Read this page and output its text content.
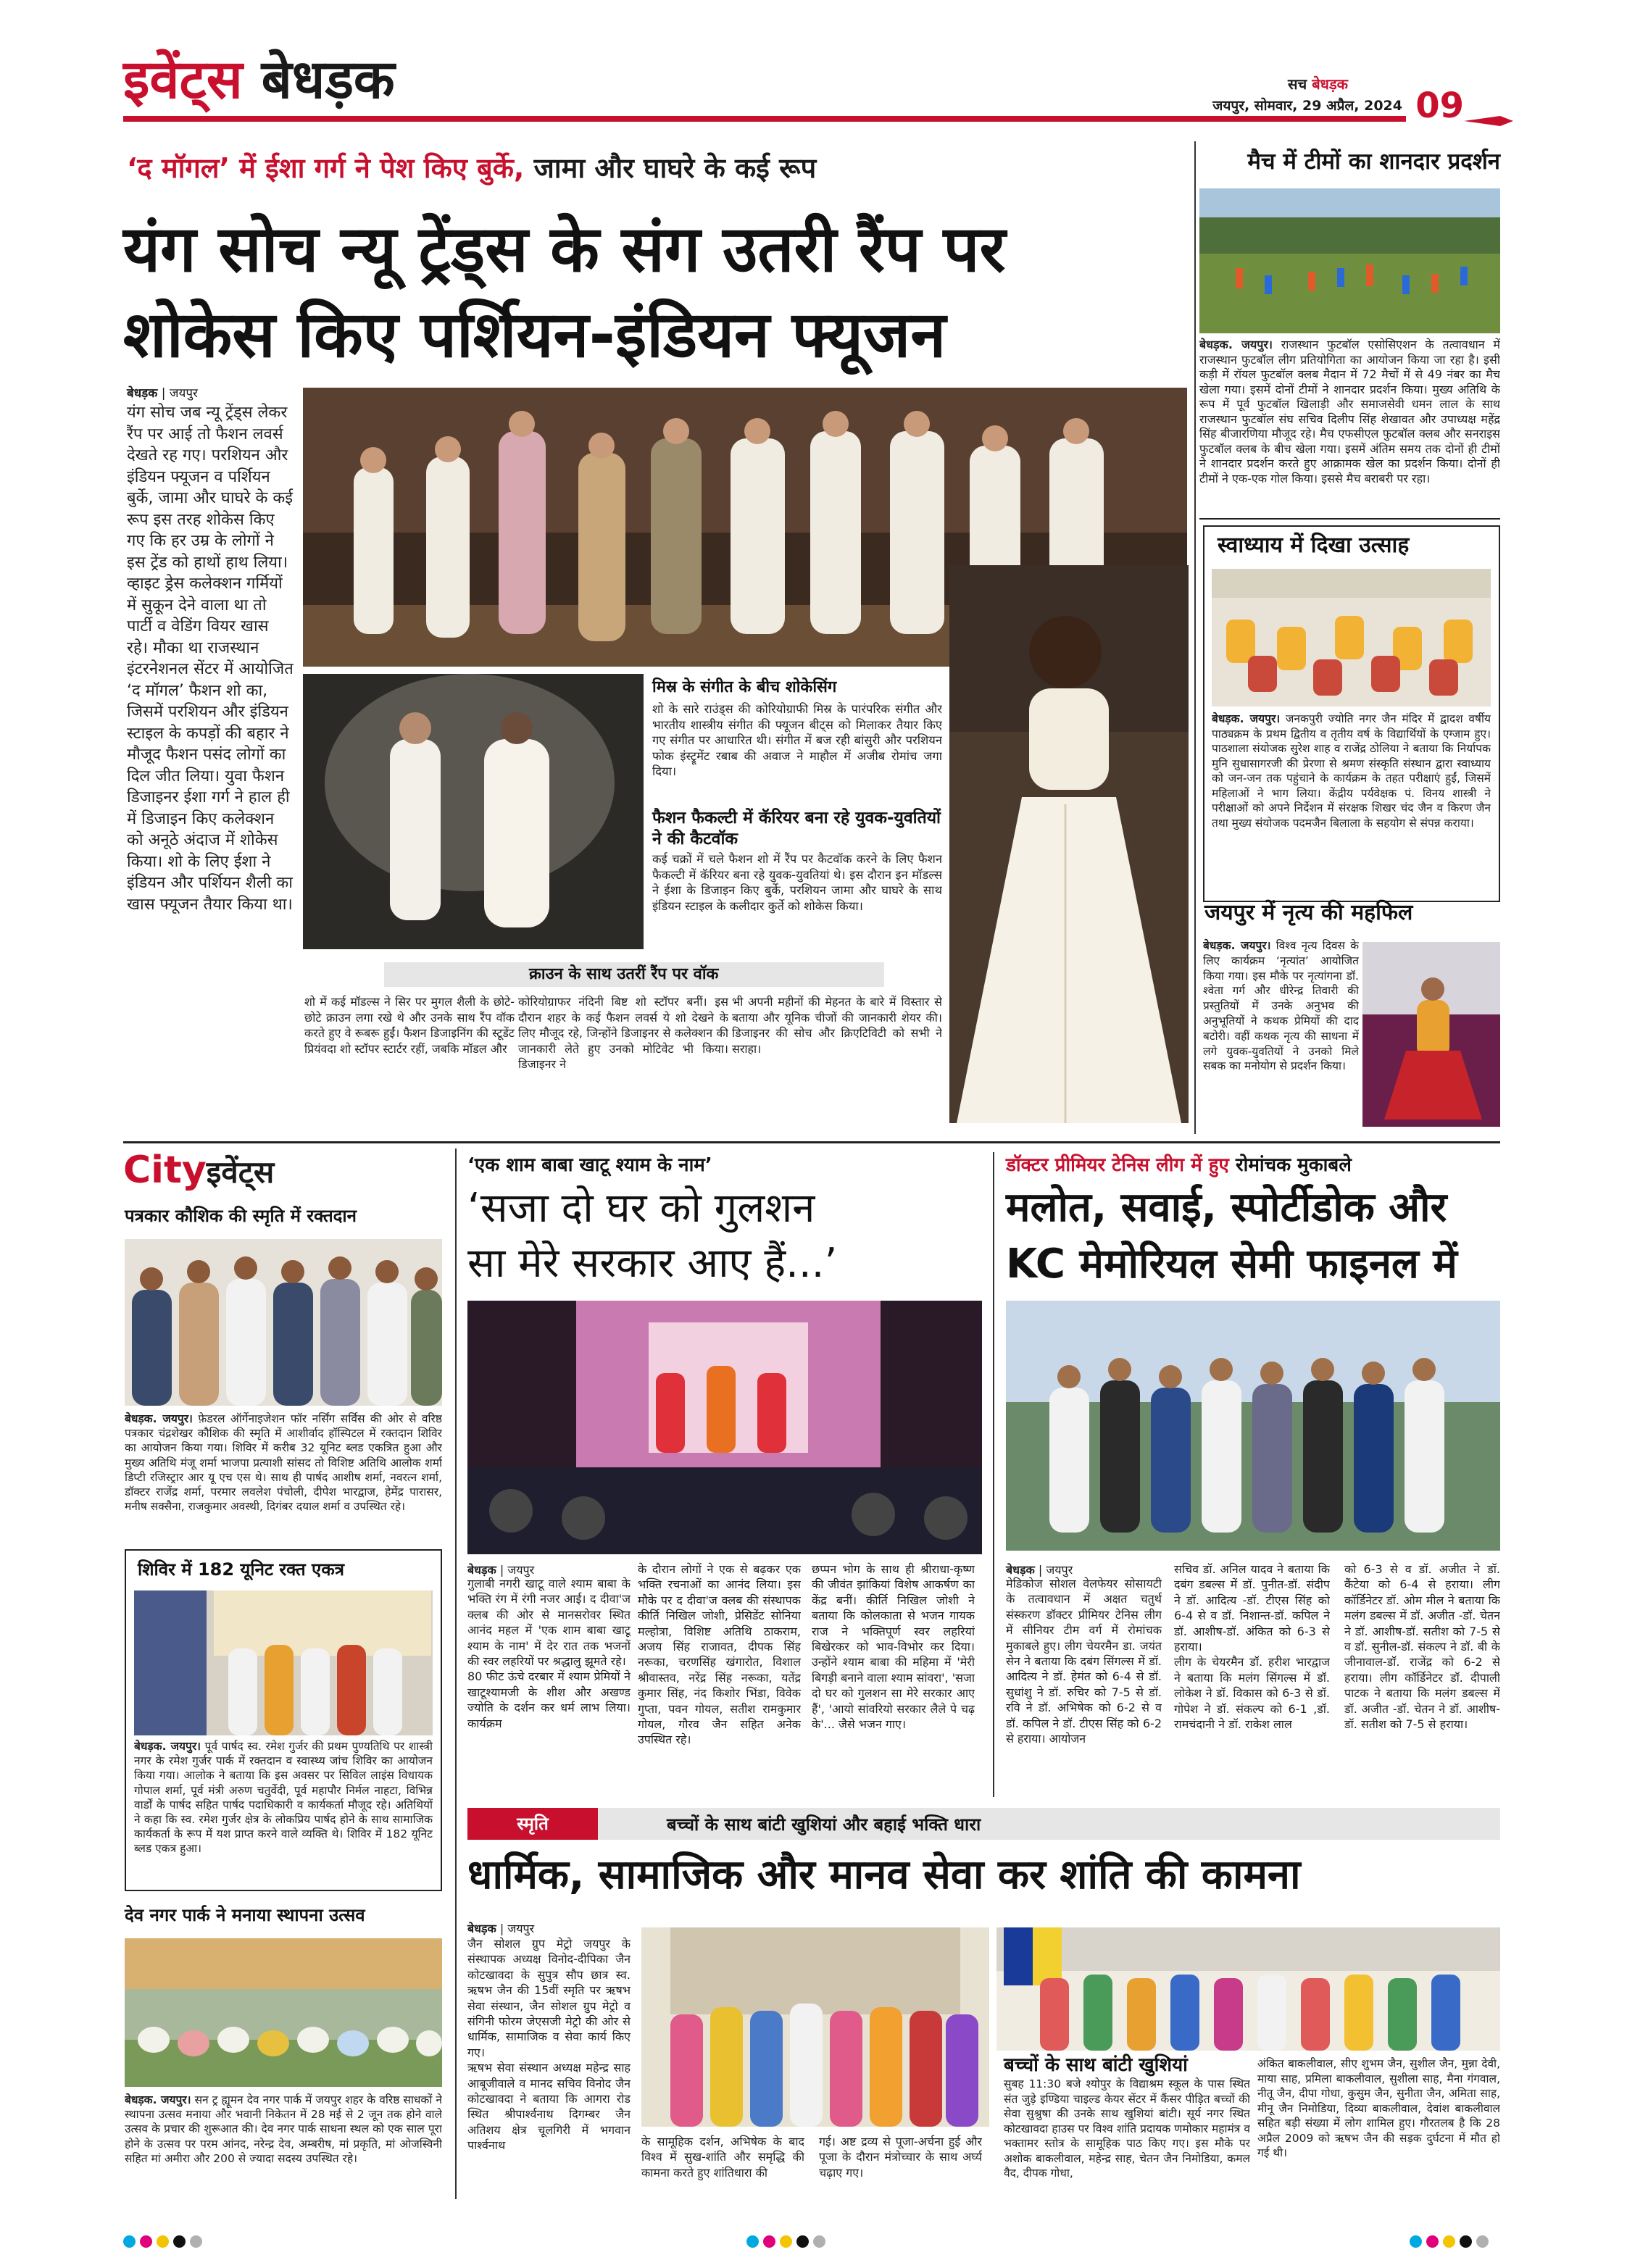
इवेंट्स बेधड़क	सच बेधड़क
जयपुर, सोमवार, 29 अप्रैल, 2024 09
‘द मॉगल’ में ईशा गर्ग ने पेश किए बुर्के, जामा और घाघरे के कई रूप
यंग सोच न्यू ट्रेंड्स के संग उतरी रैंप पर
शोकेस किए पर्शियन-इंडियन फ्यूजन
बेधड़क | जयपुर
यंग सोच जब न्यू ट्रेंड्स लेकर रैंप पर आई तो फैशन लवर्स देखते रह गए। परशियन और इंडियन फ्यूजन व पर्शियन बुर्के, जामा और घाघरे के कई रूप इस तरह शोकेस किए गए कि हर उम्र के लोगों ने इस ट्रेंड को हाथों हाथ लिया। व्हाइट ड्रेस कलेक्शन गर्मियों में सुकून देने वाला था तो पार्टी व वेडिंग वियर खास रहे। मौका था राजस्थान इंटरनेशनल सेंटर में आयोजित ‘द मॉगल’ फैशन शो का, जिसमें परशियन और इंडियन स्टाइल के कपड़ों की बहार ने मौजूद फैशन पसंद लोगों का दिल जीत लिया। युवा फैशन डिजाइनर ईशा गर्ग ने हाल ही में डिजाइन किए कलेक्शन को अनूठे अंदाज में शोकेस किया। शो के लिए ईशा ने इंडियन और पर्शियन शैली का खास फ्यूजन तैयार किया था।
मिस्र के संगीत के बीच शोकेसिंग
शो के सारे राउंड्स की कोरियोग्राफी मिस्र के पारंपरिक संगीत और भारतीय शास्त्रीय संगीत की फ्यूजन बीट्स को मिलाकर तैयार किए गए संगीत पर आधारित थी। संगीत में बज रही बांसुरी और परशियन फोक इंस्ट्रूमेंट रबाब की अवाज ने माहौल में अजीब रोमांच जगा दिया।
फैशन फैकल्टी में कॅरियर बना रहे युवक-युवतियों ने की कैटवॉक
कई चक्रों में चले फैशन शो में रैंप पर कैटवॉक करने के लिए फैशन फैकल्टी में कॅरियर बना रहे युवक-युवतियां थे। इस दौरान इन मॉडल्स ने ईशा के डिजाइन किए बुर्के, परशियन जामा और घाघरे के साथ इंडियन स्टाइल के कलीदार कुर्ते को शोकेस किया।
क्राउन के साथ उतरीं रैंप पर वॉक
शो में कई मॉडल्स ने सिर पर मुगल शैली के छोटे-छोटे क्राउन लगा रखे थे और उनके साथ रैंप वॉक करते हुए वे रूबरू हुईं। फैशन डिजाइनिंग की स्टूडेंट प्रियंवदा शो स्टॉपर स्टार्टर रहीं, जबकि मॉडल और
कोरियोग्राफर नंदिनी बिष्ट शो स्टॉपर बनीं। इस दौरान शहर के कई फैशन लवर्स ये शो देखने के लिए मौजूद रहे, जिन्होंने डिजाइनर से कलेक्शन की जानकारी लेते हुए उनको मोटिवेट भी किया। डिजाइनर ने
भी अपनी महीनों की मेहनत के बारे में विस्तार से बताया और यूनिक चीजों की जानकारी शेयर की। डिजाइनर की सोच और क्रिएटिविटी को सभी ने सराहा।
मैच में टीमों का शानदार प्रदर्शन
बेधड़क. जयपुर। राजस्थान फुटबॉल एसोसिएशन के तत्वावधान में राजस्थान फुटबॉल लीग प्रतियोगिता का आयोजन किया जा रहा है। इसी कड़ी में रॉयल फुटबॉल क्लब मैदान में 72 मैचों में से 49 नंबर का मैच खेला गया। इसमें दोनों टीमों ने शानदार प्रदर्शन किया। मुख्य अतिथि के रूप में पूर्व फुटबॉल खिलाड़ी और समाजसेवी धमन लाल के साथ राजस्थान फुटबॉल संघ सचिव दिलीप सिंह शेखावत और उपाध्यक्ष महेंद्र सिंह बीजारणिया मौजूद रहे। मैच एफसीएल फुटबॉल क्लब और सनराइस फुटबॉल क्लब के बीच खेला गया। इसमें अंतिम समय तक दोनों ही टीमों ने शानदार प्रदर्शन करते हुए आक्रामक खेल का प्रदर्शन किया। दोनों ही टीमों ने एक-एक गोल किया। इससे मैच बराबरी पर रहा।
स्वाध्याय में दिखा उत्साह
बेधड़क. जयपुर। जनकपुरी ज्योति नगर जैन मंदिर में द्वादश वर्षीय पाठ्यक्रम के प्रथम द्वितीय व तृतीय वर्ष के विद्यार्थियों के एग्जाम हुए। पाठशाला संयोजक सुरेश शाह व राजेंद्र ठोलिया ने बताया कि निर्यापक मुनि सुधासागरजी की प्रेरणा से श्रमण संस्कृति संस्थान द्वारा स्वाध्याय को जन-जन तक पहुंचाने के कार्यक्रम के तहत परीक्षाएं हुईं, जिसमें महिलाओं ने भाग लिया। केंद्रीय पर्यवेक्षक पं. विनय शास्त्री ने परीक्षाओं को अपने निर्देशन में संरक्षक शिखर चंद जैन व किरण जैन तथा मुख्य संयोजक पदमजैन बिलाला के सहयोग से संपन्न कराया।
जयपुर में नृत्य की महफिल
बेधड़क. जयपुर। विश्व नृत्य दिवस के लिए कार्यक्रम ‘नृत्यांत’ आयोजित किया गया। इस मौके पर नृत्यांगना डॉ. श्वेता गर्ग और धीरेन्द्र तिवारी की प्रस्तुतियों में उनके अनुभव की अनुभूतियों ने कथक प्रेमियों की दाद बटोरी। वहीं कथक नृत्य की साधना में लगे युवक-युवतियों ने उनको मिले सबक का मनोयोग से प्रदर्शन किया।
Cityइवेंट्स
पत्रकार कौशिक की स्मृति में रक्तदान
बेधड़क. जयपुर। फ़ेडरल ऑर्गेनाइजेशन फॉर नर्सिंग सर्विस की ओर से वरिष्ठ पत्रकार चंद्रशेखर कौशिक की स्मृति में आशीर्वाद हॉस्पिटल में रक्तदान शिविर का आयोजन किया गया। शिविर में करीब 32 यूनिट ब्लड एकत्रित हुआ और मुख्य अतिथि मंजू शर्मा भाजपा प्रत्याशी सांसद तो विशिष्ट अतिथि आलोक शर्मा डिप्टी रजिस्ट्रार आर यू एच एस थे। साथ ही पार्षद आशीष शर्मा, नवरत्न शर्मा, डॉक्टर राजेंद्र शर्मा, परमार लवलेश पंचोली, दीपेश भारद्वाज, हेमेंद्र पारासर, मनीष सक्सैना, राजकुमार अवस्थी, दिगंबर दयाल शर्मा व उपस्थित रहे।
शिविर में 182 यूनिट रक्त एकत्र
बेधड़क. जयपुर। पूर्व पार्षद स्व. रमेश गुर्जर की प्रथम पुण्यतिथि पर शास्त्री नगर के रमेश गुर्जर पार्क में रक्तदान व स्वास्थ्य जांच शिविर का आयोजन किया गया। आलोक ने बताया कि इस अवसर पर सिविल लाइंस विधायक गोपाल शर्मा, पूर्व मंत्री अरुण चतुर्वेदी, पूर्व महापौर निर्मल नाहटा, विभिन्न वार्डों के पार्षद सहित पार्षद पदाधिकारी व कार्यकर्ता मौजूद रहे। अतिथियों ने कहा कि स्व. रमेश गुर्जर क्षेत्र के लोकप्रिय पार्षद होने के साथ सामाजिक कार्यकर्ता के रूप में यश प्राप्त करने वाले व्यक्ति थे। शिविर में 182 यूनिट ब्लड एकत्र हुआ।
देव नगर पार्क ने मनाया स्थापना उत्सव
बेधड़क. जयपुर। सन ट्र ह्यूमन देव नगर पार्क में जयपुर शहर के वरिष्ठ साधकों ने स्थापना उत्सव मनाया और भवानी निकेतन में 28 मई से 2 जून तक होने वाले उत्सव के प्रचार की शुरूआत की। देव नगर पार्क साधना स्थल को एक साल पूरा होने के उत्सव पर परम आंनद, नरेन्द्र देव, अम्बरीष, मां प्रकृति, मां ओजस्विनी सहित मां अमीरा और 200 से ज्यादा सदस्य उपस्थित रहे।
‘एक शाम बाबा खाटू श्याम के नाम’
‘सजा दो घर को गुलशन
सा मेरे सरकार आए हैं...’
बेधड़क | जयपुर
गुलाबी नगरी खाटू वाले श्याम बाबा के भक्ति रंग में रंगी नजर आई। द दीवा'ज क्लब की ओर से मानसरोवर स्थित आनंद महल में 'एक शाम बाबा खाटू श्याम के नाम' में देर रात तक भजनों की स्वर लहरियों पर श्रद्धालु झूमते रहे।
80 फीट ऊंचे दरबार में श्याम प्रेमियों ने खाटूश्यामजी के शीश और अखण्ड ज्योति के दर्शन कर धर्म लाभ लिया। कार्यक्रम
के दौरान लोगों ने एक से बढ़कर एक भक्ति रचनाओं का आनंद लिया। इस मौके पर द दीवा'ज क्लब की संस्थापक कीर्ति निखिल जोशी, प्रेसिडेंट सोनिया मल्होत्रा, विशिष्ट अतिथि ठाकराम, अजय सिंह राजावत, दीपक सिंह नरूका, चरणसिंह खंगारोत, विशाल श्रीवास्तव, नरेंद्र सिंह नरूका, यतेंद्र कुमार सिंह, नंद किशोर भिंडा, विवेक गुप्ता, पवन गोयल, सतीश रामकुमार गोयल, गौरव जैन सहित अनेक उपस्थित रहे।
छप्पन भोग के साथ ही श्रीराधा-कृष्ण की जीवंत झांकियां विशेष आकर्षण का केंद्र बनीं। कीर्ति निखिल जोशी ने बताया कि कोलकाता से भजन गायक राज ने भक्तिपूर्ण स्वर लहरियां बिखेरकर को भाव-विभोर कर दिया। उन्होंने श्याम बाबा की महिमा में 'मेरी बिगड़ी बनाने वाला श्याम सांवरा', 'सजा दो घर को गुलशन सा मेरे सरकार आए हैं', 'आयो सांवरियो सरकार लैले पे चढ़ के'... जैसे भजन गाए।
डॉक्टर प्रीमियर टेनिस लीग में हुए रोमांचक मुकाबले
मलोत, सवाई, स्पोर्टीडोक और
KC मेमोरियल सेमी फाइनल में
बेधड़क | जयपुर
मेडिकोज सोशल वेलफेयर सोसायटी के तत्वावधान में अक्षत चतुर्थ संस्करण डॉक्टर प्रीमियर टेनिस लीग में सीनियर टीम वर्ग में रोमांचक मुकाबले हुए। लीग चेयरमैन डा. जयंत सेन ने बताया कि दबंग सिंगल्स में डॉ. आदित्य ने डॉ. हेमंत को 6-4 से डॉ. सुधांशु ने डॉ. रुचिर को 7-5 से डॉ. रवि ने डॉ. अभिषेक को 6-2 से व डॉ. कपिल ने डॉ. टीएस सिंह को 6-2 से हराया। आयोजन
सचिव डॉ. अनिल यादव ने बताया कि दबंग डबल्स में डॉ. पुनीत-डॉ. संदीप ने डॉ. आदित्य -डॉ. टीएस सिंह को 6-4 से व डॉ. निशान्त-डॉ. कपिल ने डॉ. आशीष-डॉ. अंकित को 6-3 से हराया।
लीग के चेयरमैन डॉ. हरीश भारद्वाज ने बताया कि मलंग सिंगल्स में डॉ. लोकेश ने डॉ. विकास को 6-3 से डॉ. गोपेश ने डॉ. संकल्प को 6-1 ,डॉ. रामचंदानी ने डॉ. राकेश लाल
को 6-3 से व डॉ. अजीत ने डॉ. कैंटेया को 6-4 से हराया। लीग कॉर्डिनेटर डॉ. ओम मील ने बताया कि मलंग डबल्स में डॉ. अजीत -डॉ. चेतन ने डॉ. आशीष-डॉ. सतीश को 7-5 से व डॉ. सुनील-डॉ. संकल्प ने डॉ. बी के जीनावाल-डॉ. राजेंद्र को 6-2 से हराया। लीग कॉर्डिनेटर डॉ. दीपाली पाटक ने बताया कि मलंग डबल्स में डॉ. अजीत -डॉ. चेतन ने डॉ. आशीष-डॉ. सतीश को 7-5 से हराया।
स्मृति	बच्चों के साथ बांटी खुशियां और बहाई भक्ति धारा
धार्मिक, सामाजिक और मानव सेवा कर शांति की कामना
बेधड़क | जयपुर
जैन सोशल ग्रुप मेट्रो जयपुर के संस्थापक अध्यक्ष विनोद-दीपिका जैन कोटखावदा के सुपुत्र सौप छात्र स्व. ऋषभ जैन की 15वीं स्मृति पर ऋषभ सेवा संस्थान, जैन सोशल ग्रुप मेट्रो व संगिनी फोरम जेएसजी मेट्रो की ओर से धार्मिक, सामाजिक व सेवा कार्य किए गए।
ऋषभ सेवा संस्थान अध्यक्ष महेन्द्र साह आबूजीवाले व मानद सचिव विनोद जैन कोटखावदा ने बताया कि आगरा रोड स्थित श्रीपार्श्वनाथ दिगम्बर जैन अतिशय क्षेत्र चूलगिरी में भगवान पार्श्वनाथ	के सामूहिक दर्शन, अभिषेक के बाद विश्व में सुख-शांति और समृद्धि की कामना करते हुए शांतिधारा की
गई। अष्ट द्रव्य से पूजा-अर्चना हुई और पूजा के दौरान मंत्रोच्चार के साथ अर्घ्य चढ़ाए गए।
बच्चों के साथ बांटी खुशियां
सुबह 11:30 बजे श्योपुर के विद्याश्रम स्कूल के पास स्थित संत जुड़े इण्डिया चाइल्ड केयर सेंटर में कैंसर पीड़ित बच्चों की सेवा सुश्रुषा की उनके साथ खुशियां बांटी। सूर्य नगर स्थित कोटखावदा हाउस पर विश्व शांति प्रदायक णमोकार महामंत्र व भक्तामर स्तोत्र के सामूहिक पाठ किए गए। इस मौके पर अशोक बाकलीवाल, महेन्द्र साह, चेतन जैन निमोडिया, कमल वैद, दीपक गोधा,
अंकित बाकलीवाल, सीए शुभम जैन, सुशील जैन, मुन्ना देवी, माया साह, प्रमिला बाकलीवाल, सुशीला साह, मैना गंगवाल, नीतू जैन, दीपा गोधा, कुसुम जैन, सुनीता जैन, अमिता साह, मीनू जैन निमोडिया, दिव्या बाकलीवाल, देवांश बाकलीवाल सहित बड़ी संख्या में लोग शामिल हुए। गौरतलब है कि 28 अप्रैल 2009 को ऋषभ जैन की सड़क दुर्घटना में मौत हो गई थी।
